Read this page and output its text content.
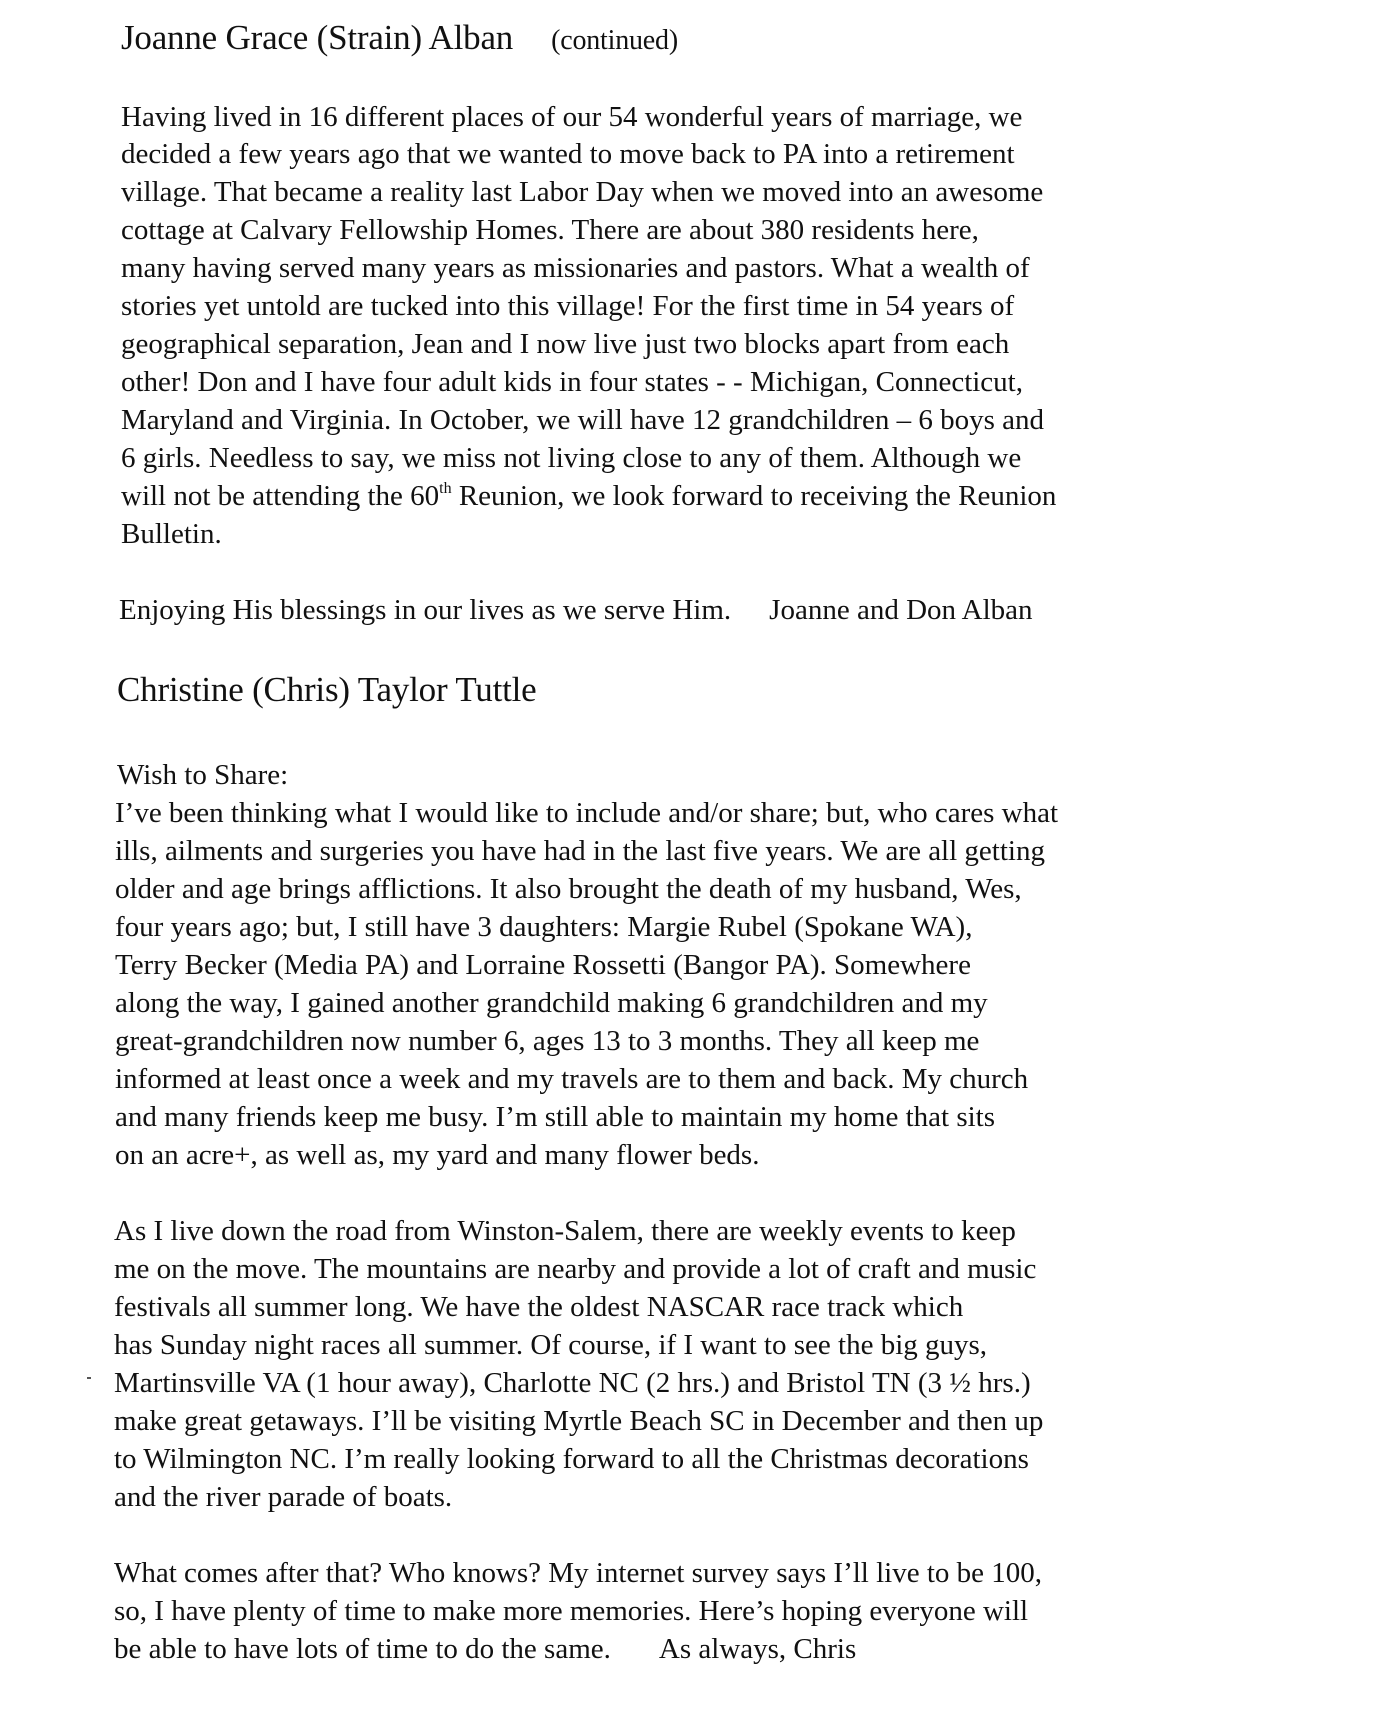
Joanne Grace (Strain) Alban (continued)
Having lived in 16 different places of our 54 wonderful years of marriage, we
decided a few years ago that we wanted to move back to PA into a retirement
village. That became a reality last Labor Day when we moved into an awesome
cottage at Calvary Fellowship Homes. There are about 380 residents here,
many having served many years as missionaries and pastors. What a wealth of
stories yet untold are tucked into this village! For the first time in 54 years of
geographical separation, Jean and I now live just two blocks apart from each
other! Don and I have four adult kids in four states - - Michigan, Connecticut,
Maryland and Virginia. In October, we will have 12 grandchildren – 6 boys and
6 girls. Needless to say, we miss not living close to any of them. Although we
will not be attending the 60th Reunion, we look forward to receiving the Reunion
Bulletin.
Enjoying His blessings in our lives as we serve Him. Joanne and Don Alban
Christine (Chris) Taylor Tuttle
Wish to Share:
I’ve been thinking what I would like to include and/or share; but, who cares what
ills, ailments and surgeries you have had in the last five years. We are all getting
older and age brings afflictions. It also brought the death of my husband, Wes,
four years ago; but, I still have 3 daughters: Margie Rubel (Spokane WA),
Terry Becker (Media PA) and Lorraine Rossetti (Bangor PA). Somewhere
along the way, I gained another grandchild making 6 grandchildren and my
great-grandchildren now number 6, ages 13 to 3 months. They all keep me
informed at least once a week and my travels are to them and back. My church
and many friends keep me busy. I’m still able to maintain my home that sits
on an acre+, as well as, my yard and many flower beds.
As I live down the road from Winston-Salem, there are weekly events to keep
me on the move. The mountains are nearby and provide a lot of craft and music
festivals all summer long. We have the oldest NASCAR race track which
has Sunday night races all summer. Of course, if I want to see the big guys,
Martinsville VA (1 hour away), Charlotte NC (2 hrs.) and Bristol TN (3 ½ hrs.)
make great getaways. I’ll be visiting Myrtle Beach SC in December and then up
to Wilmington NC. I’m really looking forward to all the Christmas decorations
and the river parade of boats.
What comes after that? Who knows? My internet survey says I’ll live to be 100,
so, I have plenty of time to make more memories. Here’s hoping everyone will
be able to have lots of time to do the same. As always, Chris
